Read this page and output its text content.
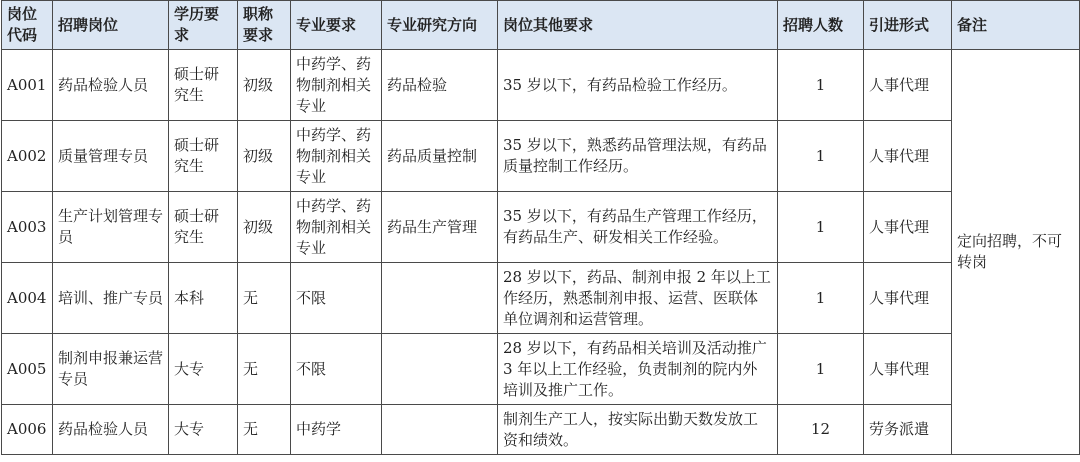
岗位代码	招聘岗位	学历要求	职称要求	专业要求	专业研究方向	岗位其他要求	招聘人数	引进形式	备注
A001	药品检验人员	硕士研究生	初级	中药学、药物制剂相关专业	药品检验	35 岁以下，有药品检验工作经历。	1	人事代理	定向招聘，不可转岗
A002	质量管理专员	硕士研究生	初级	中药学、药物制剂相关专业	药品质量控制	35 岁以下，熟悉药品管理法规，有药品质量控制工作经历。	1	人事代理	
A003	生产计划管理专员	硕士研究生	初级	中药学、药物制剂相关专业	药品生产管理	35 岁以下，有药品生产管理工作经历，有药品生产、研发相关工作经验。	1	人事代理	
A004	培训、推广专员	本科	无	不限		28 岁以下，药品、制剂申报 2 年以上工作经历，熟悉制剂申报、运营、医联体单位调剂和运营管理。	1	人事代理	
A005	制剂申报兼运营专员	大专	无	不限		28 岁以下，有药品相关培训及活动推广 3 年以上工作经验，负责制剂的院内外培训及推广工作。	1	人事代理	
A006	药品检验人员	大专	无	中药学		制剂生产工人，按实际出勤天数发放工资和绩效。	12	劳务派遣	
